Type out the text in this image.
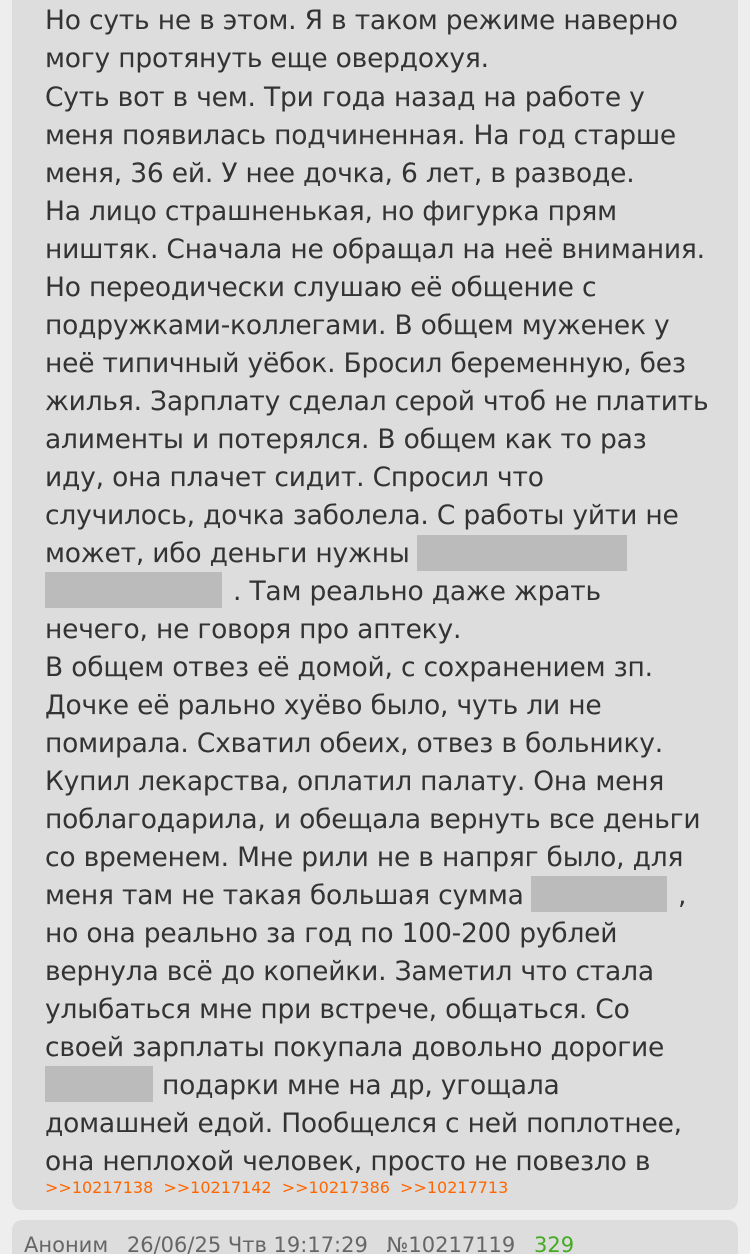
Но суть не в этом. Я в таком режиме наверно
могу протянуть еще овердохуя.
Суть вот в чем. Три года назад на работе у
меня появилась подчиненная. На год старше
меня, 36 ей. У нее дочка, 6 лет, в разводе.
На лицо страшненькая, но фигурка прям
ништяк. Сначала не обращал на неё внимания.
Но переодически слушаю её общение с
подружками-коллегами. В общем муженек у
неё типичный уёбок. Бросил беременную, без
жилья. Зарплату сделал серой чтоб не платить
алименты и потерялся. В общем как то раз
иду, она плачет сидит. Спросил что
случилось, дочка заболела. С работы уйти не
может, ибо деньги нужны
. Там реально даже жрать
нечего, не говоря про аптеку.
В общем отвез её домой, с сохранением зп.
Дочке её рально хуёво было, чуть ли не
помирала. Схватил обеих, отвез в больнику.
Купил лекарства, оплатил палату. Она меня
поблагодарила, и обещала вернуть все деньги
со временем. Мне рили не в напряг было, для
меня там не такая большая сумма	,
но она реально за год по 100-200 рублей
вернула всё до копейки. Заметил что стала
улыбаться мне при встрече, общаться. Со
своей зарплаты покупала довольно дорогие
подарки мне на др, угощала
домашней едой. Пообщелся с ней поплотнее,
она неплохой человек, просто не повезло в
>>10217138 >>10217142 >>10217386 >>10217713
Аноним 26/06/25 Чтв 19:17:29 №10217119 329
